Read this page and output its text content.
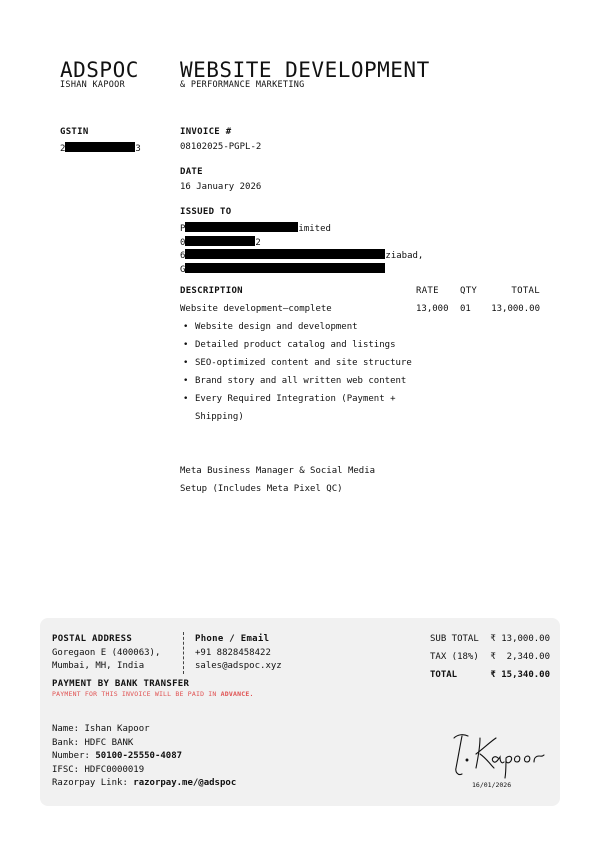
ADSPOC
ISHAN KAPOOR
WEBSITE DEVELOPMENT
& PERFORMANCE MARKETING
GSTIN
2	3
INVOICE #
08102025-PGPL-2
DATE
16 January 2026
ISSUED TO
P	imited
0	2
6	ziabad,
G
DESCRIPTION	RATE QTY	TOTAL
Website development–complete	13,000 01	13,000.00
• Website design and development
• Detailed product catalog and listings
• SEO-optimized content and site structure
• Brand story and all written web content
• Every Required Integration (Payment + Shipping)
Meta Business Manager & Social Media
Setup (Includes Meta Pixel QC)
POSTAL ADDRESS
Goregaon E (400063),
Mumbai, MH, India
Phone / Email
+91 8828458422
sales@adspoc.xyz
PAYMENT BY BANK TRANSFER
PAYMENT FOR THIS INVOICE WILL BE PAID IN ADVANCE.
Name: Ishan Kapoor
Bank: HDFC BANK
Number: 50100-25550-4087
IFSC: HDFC0000019
Razorpay Link: razorpay.me/@adspoc
SUB TOTAL	₹ 13,000.00
TAX (18%)	₹  2,340.00
TOTAL	₹ 15,340.00
16/01/2026
